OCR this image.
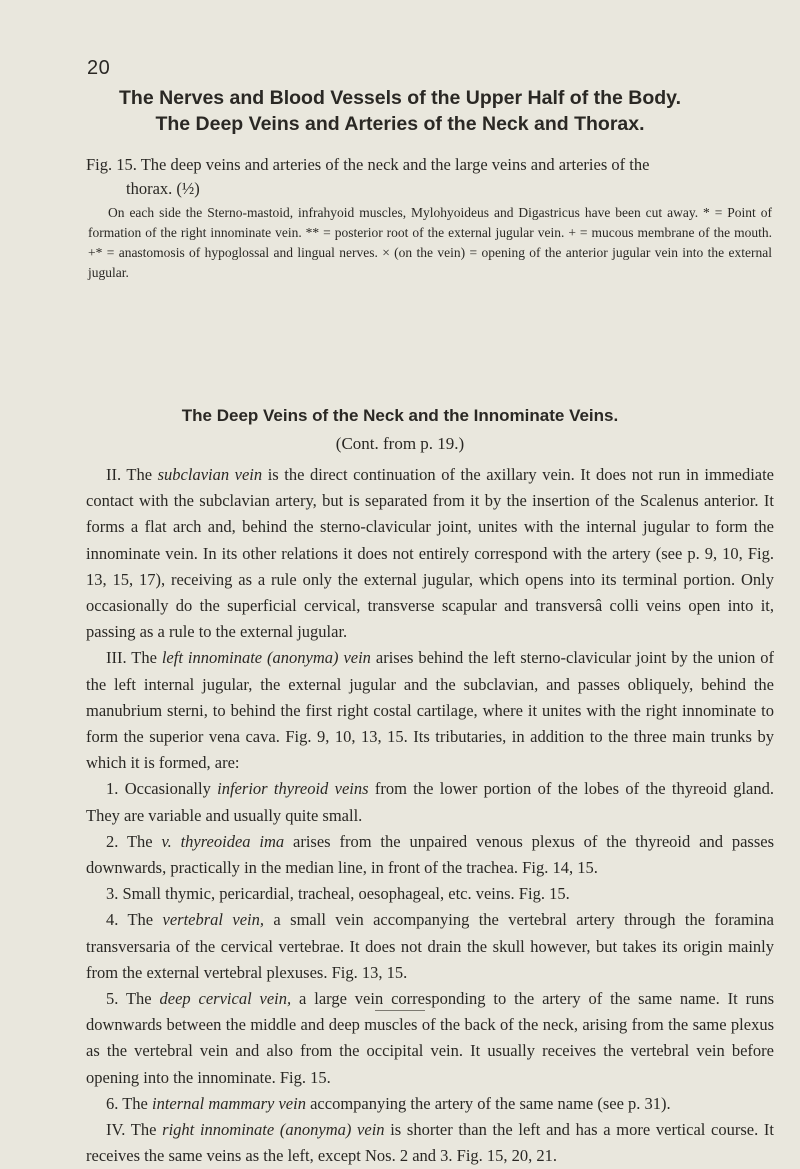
20
The Nerves and Blood Vessels of the Upper Half of the Body.
The Deep Veins and Arteries of the Neck and Thorax.
Fig. 15. The deep veins and arteries of the neck and the large veins and arteries of the
thorax. (½)
On each side the Sterno-mastoid, infrahyoid muscles, Mylohyoideus and Digastricus have been cut away. * = Point of formation of the right innominate vein. ** = posterior root of the external jugular vein. + = mucous membrane of the mouth. +* = anastomosis of hypoglossal and lingual nerves. × (on the vein) = opening of the anterior jugular vein into the external jugular.
The Deep Veins of the Neck and the Innominate Veins.
(Cont. from p. 19.)

II. The subclavian vein is the direct continuation of the axillary vein. It does not run in immediate contact with the subclavian artery, but is separated from it by the insertion of the Scalenus anterior. It forms a flat arch and, behind the sterno-clavicular joint, unites with the internal jugular to form the innominate vein. In its other relations it does not entirely correspond with the artery (see p. 9, 10, Fig. 13, 15, 17), receiving as a rule only the external jugular, which opens into its terminal portion. Only occasionally do the superficial cervical, transverse scapular and transversâ colli veins open into it, passing as a rule to the external jugular.

III. The left innominate (anonyma) vein arises behind the left sterno-clavicular joint by the union of the left internal jugular, the external jugular and the subclavian, and passes obliquely, behind the manubrium sterni, to behind the first right costal cartilage, where it unites with the right innominate to form the superior vena cava. Fig. 9, 10, 13, 15. Its tributaries, in addition to the three main trunks by which it is formed, are:

1. Occasionally inferior thyreoid veins from the lower portion of the lobes of the thyreoid gland. They are variable and usually quite small.

2. The v. thyreoidea ima arises from the unpaired venous plexus of the thyreoid and passes downwards, practically in the median line, in front of the trachea. Fig. 14, 15.

3. Small thymic, pericardial, tracheal, oesophageal, etc. veins. Fig. 15.

4. The vertebral vein, a small vein accompanying the vertebral artery through the foramina transversaria of the cervical vertebrae. It does not drain the skull however, but takes its origin mainly from the external vertebral plexuses. Fig. 13, 15.

5. The deep cervical vein, a large vein corresponding to the artery of the same name. It runs downwards between the middle and deep muscles of the back of the neck, arising from the same plexus as the vertebral vein and also from the occipital vein. It usually receives the vertebral vein before opening into the innominate. Fig. 15.

6. The internal mammary vein accompanying the artery of the same name (see p. 31).

IV. The right innominate (anonyma) vein is shorter than the left and has a more vertical course. It receives the same veins as the left, except Nos. 2 and 3. Fig. 15, 20, 21.
